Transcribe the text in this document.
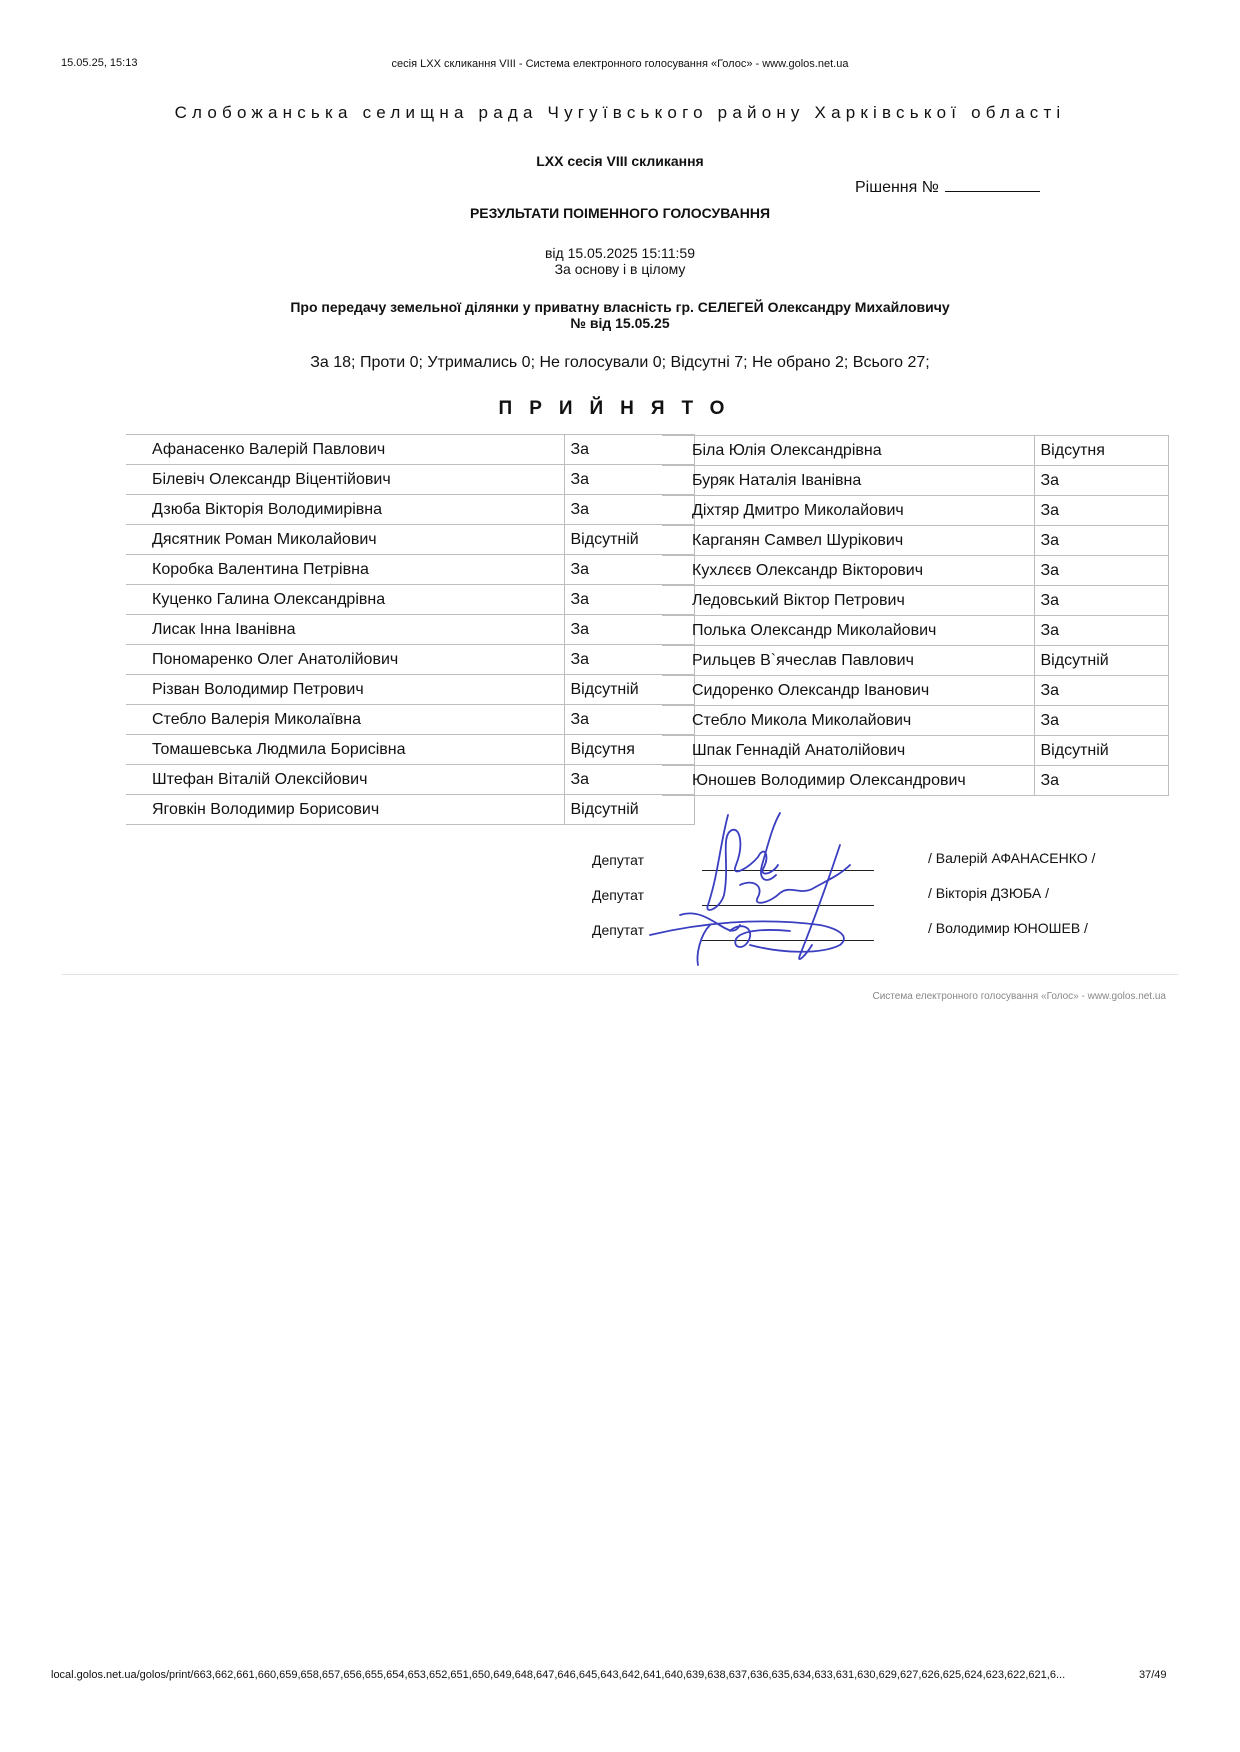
15.05.25, 15:13	сесія LXX скликання VIII - Система електронного голосування «Голос» - www.golos.net.ua
Слобожанська селищна рада Чугуївського району Харківської області
LXX сесія VIII скликання
Рішення №
РЕЗУЛЬТАТИ ПОІМЕННОГО ГОЛОСУВАННЯ
від 15.05.2025 15:11:59
За основу і в цілому
Про передачу земельної ділянки у приватну власність гр. СЕЛЕГЕЙ Олександру Михайловичу
№ від 15.05.25
За 18; Проти 0; Утримались 0; Не голосували 0; Відсутні 7; Не обрано 2; Всього 27;
ПРИЙНЯТО
Афанасенко Валерій Павлович	За
Білевіч Олександр Віцентійович	За
Дзюба Вікторія Володимирівна	За
Дясятник Роман Миколайович	Відсутній
Коробка Валентина Петрівна	За
Куценко Галина Олександрівна	За
Лисак Інна Іванівна	За
Пономаренко Олег Анатолійович	За
Різван Володимир Петрович	Відсутній
Стебло Валерія Миколаївна	За
Томашевська Людмила Борисівна	Відсутня
Штефан Віталій Олексійович	За
Яговкін Володимир Борисович	Відсутній
Біла Юлія Олександрівна	Відсутня
Буряк Наталія Іванівна	За
Діхтяр Дмитро Миколайович	За
Карганян Самвел Шурікович	За
Кухлєєв Олександр Вікторович	За
Ледовський Віктор Петрович	За
Полька Олександр Миколайович	За
Рильцев В`ячеслав Павлович	Відсутній
Сидоренко Олександр Іванович	За
Стебло Микола Миколайович	За
Шпак Геннадій Анатолійович	Відсутній
Юношев Володимир Олександрович	За
Депутат	/ Валерій АФАНАСЕНКО /
Депутат	/ Вікторія ДЗЮБА /
Депутат	/ Володимир ЮНОШЕВ /
Система електронного голосування «Голос» - www.golos.net.ua
local.golos.net.ua/golos/print/663,662,661,660,659,658,657,656,655,654,653,652,651,650,649,648,647,646,645,643,642,641,640,639,638,637,636,635,634,633,631,630,629,627,626,625,624,623,622,621,6...	37/49
